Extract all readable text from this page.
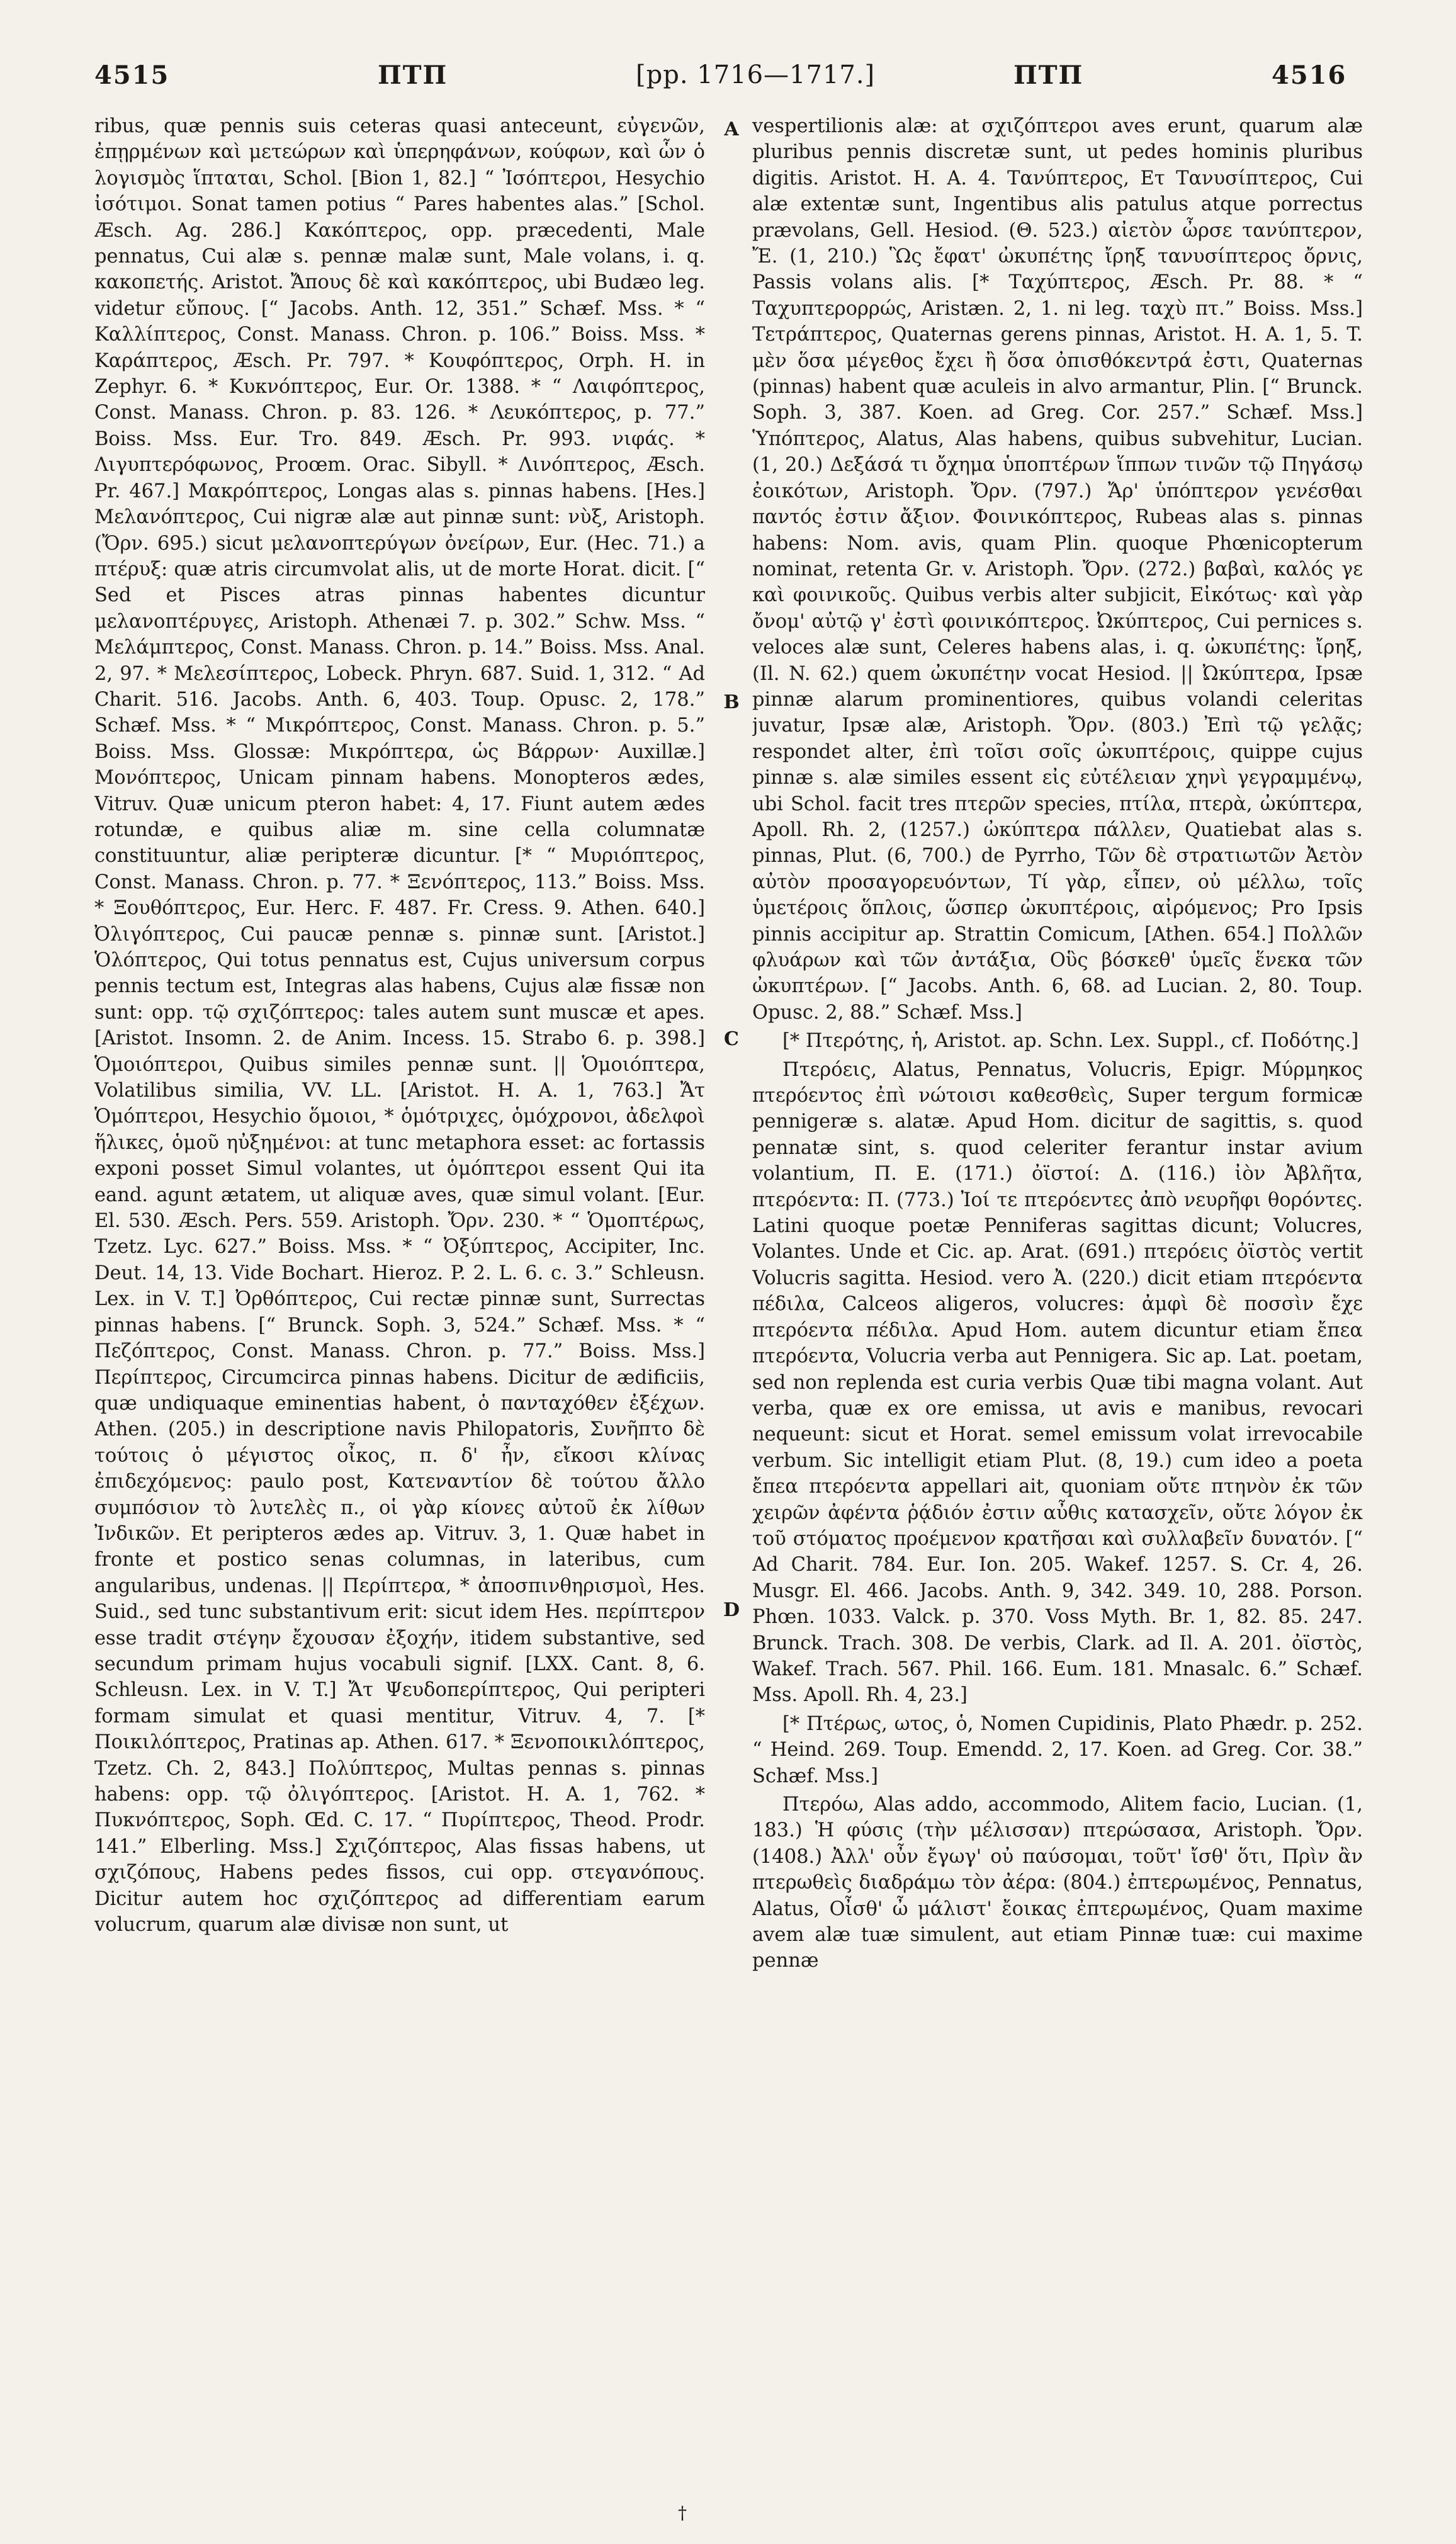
4515	ΠΤΠ	[pp. 1716—1717.]	ΠΤΠ	4516

ribus, quæ pennis suis ceteras quasi anteceunt, εὐγενῶν, ἐπῃρμένων καὶ μετεώρων καὶ ὑπερηφάνων, κούφων, καὶ ὧν ὁ λογισμὸς ἵπταται, Schol. [Bion 1, 82.] “ Ἰσόπτεροι, Hesychio ἰσότιμοι. Sonat tamen potius “ Pares habentes alas.” [Schol. Æsch. Ag. 286.] Κακόπτερος, opp. præcedenti, Male pennatus, Cui alæ s. pennæ malæ sunt, Male volans, i. q. κακοπετής. Aristot. Ἄπους δὲ καὶ κακόπτερος, ubi Budæo leg. videtur εὔπους. [“ Jacobs. Anth. 12, 351.” Schæf. Mss. * “ Καλλίπτερος, Const. Manass. Chron. p. 106.” Boiss. Mss. * Καράπτερος, Æsch. Pr. 797. * Κουφόπτερος, Orph. H. in Zephyr. 6. * Κυκνόπτερος, Eur. Or. 1388. * “ Λαιφόπτερος, Const. Manass. Chron. p. 83. 126. * Λευκόπτερος, p. 77.” Boiss. Mss. Eur. Tro. 849. Æsch. Pr. 993. νιφάς. * Λιγυπτερόφωνος, Proœm. Orac. Sibyll. * Λινόπτερος, Æsch. Pr. 467.] Μακρόπτερος, Longas alas s. pinnas habens. [Hes.] Μελανόπτερος, Cui nigræ alæ aut pinnæ sunt: νὺξ, Aristoph. (Ὄρν. 695.) sicut μελανοπτερύγων ὀνείρων, Eur. (Hec. 71.) a πτέρυξ: quæ atris circumvolat alis, ut de morte Horat. dicit. [“ Sed et Pisces atras pinnas habentes dicuntur μελανοπτέρυγες, Aristoph. Athenæi 7. p. 302.” Schw. Mss. “ Μελάμπτερος, Const. Manass. Chron. p. 14.” Boiss. Mss. Anal. 2, 97. * Μελεσίπτερος, Lobeck. Phryn. 687. Suid. 1, 312. “ Ad Charit. 516. Jacobs. Anth. 6, 403. Toup. Opusc. 2, 178.” Schæf. Mss. * “ Μικρόπτερος, Const. Manass. Chron. p. 5.” Boiss. Mss. Glossæ: Μικρόπτερα, ὡς Βάρρων· Auxillæ.] Μονόπτερος, Unicam pinnam habens. Monopteros ædes, Vitruv. Quæ unicum pteron habet: 4, 17. Fiunt autem ædes rotundæ, e quibus aliæ m. sine cella columnatæ constituuntur, aliæ peripteræ dicuntur. [* “ Μυριόπτερος, Const. Manass. Chron. p. 77. * Ξενόπτερος, 113.” Boiss. Mss. * Ξουθόπτερος, Eur. Herc. F. 487. Fr. Cress. 9. Athen. 640.] Ὀλιγόπτερος, Cui paucæ pennæ s. pinnæ sunt. [Aristot.] Ὁλόπτερος, Qui totus pennatus est, Cujus universum corpus pennis tectum est, Integras alas habens, Cujus alæ fissæ non sunt: opp. τῷ σχιζόπτερος: tales autem sunt muscæ et apes. [Aristot. Insomn. 2. de Anim. Incess. 15. Strabo 6. p. 398.] Ὁμοιόπτεροι, Quibus similes pennæ sunt. || Ὁμοιόπτερα, Volatilibus similia, VV. LL. [Aristot. H. A. 1, 763.] Ἄτ Ὁμόπτεροι, Hesychio ὅμοιοι, * ὁμότριχες, ὁμόχρονοι, ἀδελφοὶ ἥλικες, ὁμοῦ ηὐξημένοι: at tunc metaphora esset: ac fortassis exponi posset Simul volantes, ut ὁμόπτεροι essent Qui ita eand. agunt ætatem, ut aliquæ aves, quæ simul volant. [Eur. El. 530. Æsch. Pers. 559. Aristoph. Ὄρν. 230. * “ Ὁμοπτέρως, Tzetz. Lyc. 627.” Boiss. Mss. * “ Ὀξύπτερος, Accipiter, Inc. Deut. 14, 13. Vide Bochart. Hieroz. P. 2. L. 6. c. 3.” Schleusn. Lex. in V. T.] Ὀρθόπτερος, Cui rectæ pinnæ sunt, Surrectas pinnas habens. [“ Brunck. Soph. 3, 524.” Schæf. Mss. * “ Πεζόπτερος, Const. Manass. Chron. p. 77.” Boiss. Mss.] Περίπτερος, Circumcirca pinnas habens. Dicitur de ædificiis, quæ undiquaque eminentias habent, ὁ πανταχόθεν ἐξέχων. Athen. (205.) in descriptione navis Philopatoris, Συνῆπτο δὲ τούτοις ὁ μέγιστος οἶκος, π. δ' ἦν, εἴκοσι κλίνας ἐπιδεχόμενος: paulo post, Κατεναντίον δὲ τούτου ἄλλο συμπόσιον τὸ λυτελὲς π., οἱ γὰρ κίονες αὐτοῦ ἐκ λίθων Ἰνδικῶν. Et peripteros ædes ap. Vitruv. 3, 1. Quæ habet in fronte et postico senas columnas, in lateribus, cum angularibus, undenas. || Περίπτερα, * ἀποσπινθηρισμοὶ, Hes. Suid., sed tunc substantivum erit: sicut idem Hes. περίπτερον esse tradit στέγην ἔχουσαν ἐξοχήν, itidem substantive, sed secundum primam hujus vocabuli signif. [LXX. Cant. 8, 6. Schleusn. Lex. in V. T.] Ἄτ Ψευδοπερίπτερος, Qui peripteri formam simulat et quasi mentitur, Vitruv. 4, 7. [* Ποικιλόπτερος, Pratinas ap. Athen. 617. * Ξενοποικιλόπτερος, Tzetz. Ch. 2, 843.] Πολύπτερος, Multas pennas s. pinnas habens: opp. τῷ ὀλιγόπτερος. [Aristot. H. A. 1, 762. * Πυκνόπτερος, Soph. Œd. C. 17. “ Πυρίπτερος, Theod. Prodr. 141.” Elberling. Mss.] Σχιζόπτερος, Alas fissas habens, ut σχιζόπους, Habens pedes fissos, cui opp. στεγανόπους. Dicitur autem hoc σχιζόπτερος ad differentiam earum volucrum, quarum alæ divisæ non sunt, ut

A
B
C
D

vespertilionis alæ: at σχιζόπτεροι aves erunt, quarum alæ pluribus pennis discretæ sunt, ut pedes hominis pluribus digitis. Aristot. H. A. 4. Τανύπτερος, Ετ Τανυσίπτερος, Cui alæ extentæ sunt, Ingentibus alis patulus atque porrectus prævolans, Gell. Hesiod. (Θ. 523.) αἰετὸν ὦρσε τανύπτερον, Ἔ. (1, 210.) Ὣς ἔφατ' ὠκυπέτης ἴρηξ τανυσίπτερος ὄρνις, Passis volans alis. [* Ταχύπτερος, Æsch. Pr. 88. * “ Ταχυπτερορρώς, Aristæn. 2, 1. ni leg. ταχὺ πτ.” Boiss. Mss.] Τετράπτερος, Quaternas gerens pinnas, Aristot. H. A. 1, 5. T. μὲν ὅσα μέγεθος ἔχει ἢ ὅσα ὀπισθόκεντρά ἐστι, Quaternas (pinnas) habent quæ aculeis in alvo armantur, Plin. [“ Brunck. Soph. 3, 387. Koen. ad Greg. Cor. 257.” Schæf. Mss.] Ὑπόπτερος, Alatus, Alas habens, quibus subvehitur, Lucian. (1, 20.) Δεξάσά τι ὄχημα ὑποπτέρων ἵππων τινῶν τῷ Πηγάσῳ ἐοικότων, Aristoph. Ὄρν. (797.) Ἄρ' ὑπόπτερον γενέσθαι παντός ἐστιν ἄξιον. Φοινικόπτερος, Rubeas alas s. pinnas habens: Nom. avis, quam Plin. quoque Phœnicopterum nominat, retenta Gr. v. Aristoph. Ὄρν. (272.) βαβαὶ, καλός γε καὶ φοινικοῦς. Quibus verbis alter subjicit, Εἰκότως· καὶ γὰρ ὄνομ' αὐτῷ γ' ἐστὶ φοινικόπτερος. Ὠκύπτερος, Cui pernices s. veloces alæ sunt, Celeres habens alas, i. q. ὠκυπέτης: ἴρηξ, (Il. N. 62.) quem ὠκυπέτην vocat Hesiod. || Ὠκύπτερα, Ipsæ pinnæ alarum prominentiores, quibus volandi celeritas juvatur, Ipsæ alæ, Aristoph. Ὄρν. (803.) Ἐπὶ τῷ γελᾷς; respondet alter, ἐπὶ τοῖσι σοῖς ὠκυπτέροις, quippe cujus pinnæ s. alæ similes essent εἰς εὐτέλειαν χηνὶ γεγραμμένῳ, ubi Schol. facit tres πτερῶν species, πτίλα, πτερὰ, ὠκύπτερα, Apoll. Rh. 2, (1257.) ὠκύπτερα πάλλεν, Quatiebat alas s. pinnas, Plut. (6, 700.) de Pyrrho, Τῶν δὲ στρατιωτῶν Ἀετὸν αὐτὸν προσαγορευόντων, Τί γὰρ, εἶπεν, οὐ μέλλω, τοῖς ὑμετέροις ὅπλοις, ὥσπερ ὠκυπτέροις, αἰρόμενος; Pro Ipsis pinnis accipitur ap. Strattin Comicum, [Athen. 654.] Πολλῶν φλυάρων καὶ τῶν ἀντάξια, Οὓς βόσκεθ' ὑμεῖς ἕνεκα τῶν ὠκυπτέρων. [“ Jacobs. Anth. 6, 68. ad Lucian. 2, 80. Toup. Opusc. 2, 88.” Schæf. Mss.]

[* Πτερότης, ἡ, Aristot. ap. Schn. Lex. Suppl., cf. Ποδότης.]

Πτερόεις, Alatus, Pennatus, Volucris, Epigr. Μύρμηκος πτερόεντος ἐπὶ νώτοισι καθεσθεὶς, Super tergum formicæ pennigeræ s. alatæ. Apud Hom. dicitur de sagittis, s. quod pennatæ sint, s. quod celeriter ferantur instar avium volantium, Π. Ε. (171.) ὀϊστοί: Δ. (116.) ἰὸν Ἀβλῆτα, πτερόεντα: Π. (773.) Ἰοί τε πτερόεντες ἀπὸ νευρῆφι θορόντες. Latini quoque poetæ Penniferas sagittas dicunt; Volucres, Volantes. Unde et Cic. ap. Arat. (691.) πτερόεις ὀϊστὸς vertit Volucris sagitta. Hesiod. vero Ἀ. (220.) dicit etiam πτερόεντα πέδιλα, Calceos aligeros, volucres: ἀμφὶ δὲ ποσσὶν ἔχε πτερόεντα πέδιλα. Apud Hom. autem dicuntur etiam ἔπεα πτερόεντα, Volucria verba aut Pennigera. Sic ap. Lat. poetam, sed non replenda est curia verbis Quæ tibi magna volant. Aut verba, quæ ex ore emissa, ut avis e manibus, revocari nequeunt: sicut et Horat. semel emissum volat irrevocabile verbum. Sic intelligit etiam Plut. (8, 19.) cum ideo a poeta ἔπεα πτερόεντα appellari ait, quoniam οὔτε πτηνὸν ἐκ τῶν χειρῶν ἀφέντα ῥᾴδιόν ἐστιν αὖθις κατασχεῖν, οὔτε λόγον ἐκ τοῦ στόματος προέμενον κρατῆσαι καὶ συλλαβεῖν δυνατόν. [“ Ad Charit. 784. Eur. Ion. 205. Wakef. 1257. S. Cr. 4, 26. Musgr. El. 466. Jacobs. Anth. 9, 342. 349. 10, 288. Porson. Phœn. 1033. Valck. p. 370. Voss Myth. Br. 1, 82. 85. 247. Brunck. Trach. 308. De verbis, Clark. ad Il. A. 201. ὀϊστὸς, Wakef. Trach. 567. Phil. 166. Eum. 181. Mnasalc. 6.” Schæf. Mss. Apoll. Rh. 4, 23.]

[* Πτέρως, ωτος, ὁ, Nomen Cupidinis, Plato Phædr. p. 252. “ Heind. 269. Toup. Emendd. 2, 17. Koen. ad Greg. Cor. 38.” Schæf. Mss.]

Πτερόω, Alas addo, accommodo, Alitem facio, Lucian. (1, 183.) Ἡ φύσις (τὴν μέλισσαν) πτερώσασα, Aristoph. Ὄρν. (1408.) Ἀλλ' οὖν ἔγωγ' οὐ παύσομαι, τοῦτ' ἴσθ' ὅτι, Πρὶν ἂν πτερωθεὶς διαδράμω τὸν ἀέρα: (804.) ἐπτερωμένος, Pennatus, Alatus, Οἶσθ' ὦ μάλιστ' ἔοικας ἐπτερωμένος, Quam maxime avem alæ tuæ simulent, aut etiam Pinnæ tuæ: cui maxime pennæ

†
